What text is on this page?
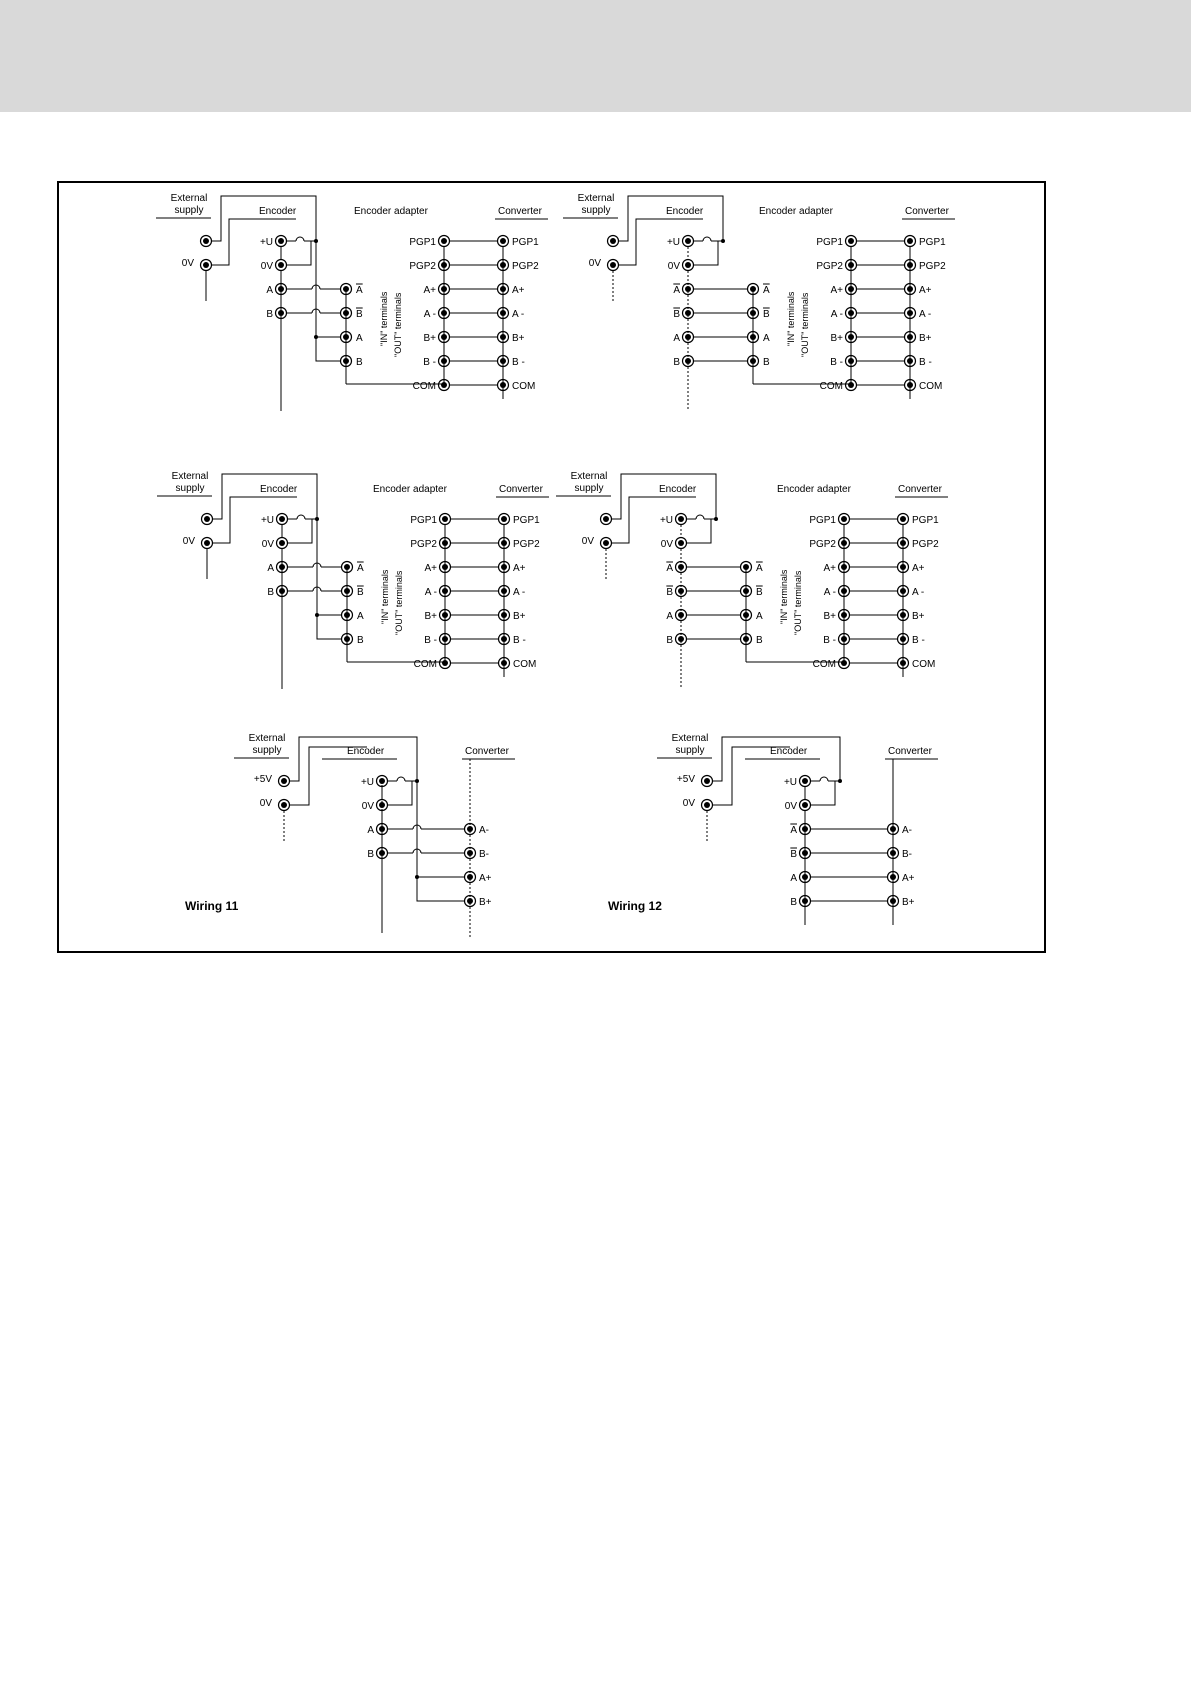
External
supply
0V
Encoder	Encoder adapter	Converter
+U
0V
A
B
A
B
A
B
PGP1	PGP1
PGP2	PGP2
A+	A+
A -	A -
B+	B+
B -	B -
COM	COM
"IN" terminals "OUT" terminals
External
supply
0V
Encoder	Encoder adapter	Converter
+U
0V
A
B
A
B
A
B
A
B
PGP1	PGP1
PGP2	PGP2
A+	A+
A -	A -
B+	B+
B -	B -
COM	COM
"IN" terminals "OUT" terminals
External
supply
0V
Encoder	Encoder adapter	Converter
+U
0V
A
B
A
B
A
B
PGP1	PGP1
PGP2	PGP2
A+	A+
A -	A -
B+	B+
B -	B -
COM	COM
"IN" terminals "OUT" terminals
External
supply
0V
Encoder	Encoder adapter	Converter
+U
0V
A
B
A
B
A
B
A
B
PGP1	PGP1
PGP2	PGP2
A+	A+
A -	A -
B+	B+
B -	B -
COM	COM
"IN" terminals "OUT" terminals
External
supply
+5V
0V
Encoder	Converter
+U
0V
A
B
A-
B-
A+
B+
Wiring 11
External
supply
+5V
0V
Encoder	Converter
+U
0V
A
B
A
B
A-
B-
A+
B+
Wiring 12
